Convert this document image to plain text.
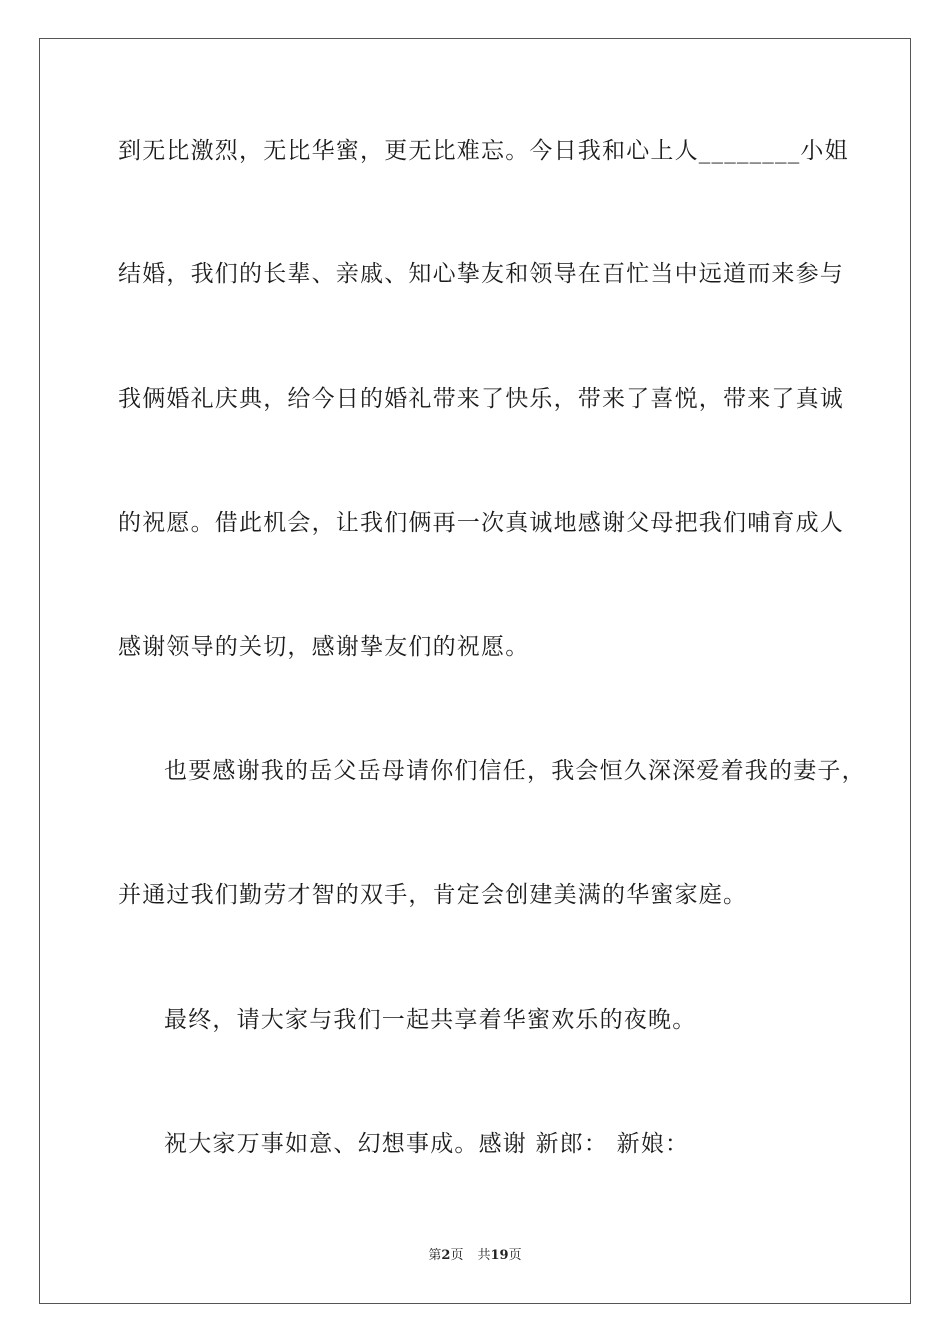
到无比激烈，无比华蜜，更无比难忘。今日我和心上人________小姐
结婚，我们的长辈、亲戚、知心挚友和领导在百忙当中远道而来参与
我俩婚礼庆典，给今日的婚礼带来了快乐，带来了喜悦，带来了真诚
的祝愿。借此机会，让我们俩再一次真诚地感谢父母把我们哺育成人
感谢领导的关切，感谢挚友们的祝愿。
也要感谢我的岳父岳母请你们信任，我会恒久深深爱着我的妻子，
并通过我们勤劳才智的双手，肯定会创建美满的华蜜家庭。
最终，请大家与我们一起共享着华蜜欢乐的夜晚。
祝大家万事如意、幻想事成。感谢 新郎： 新娘：
第2页 共19页
